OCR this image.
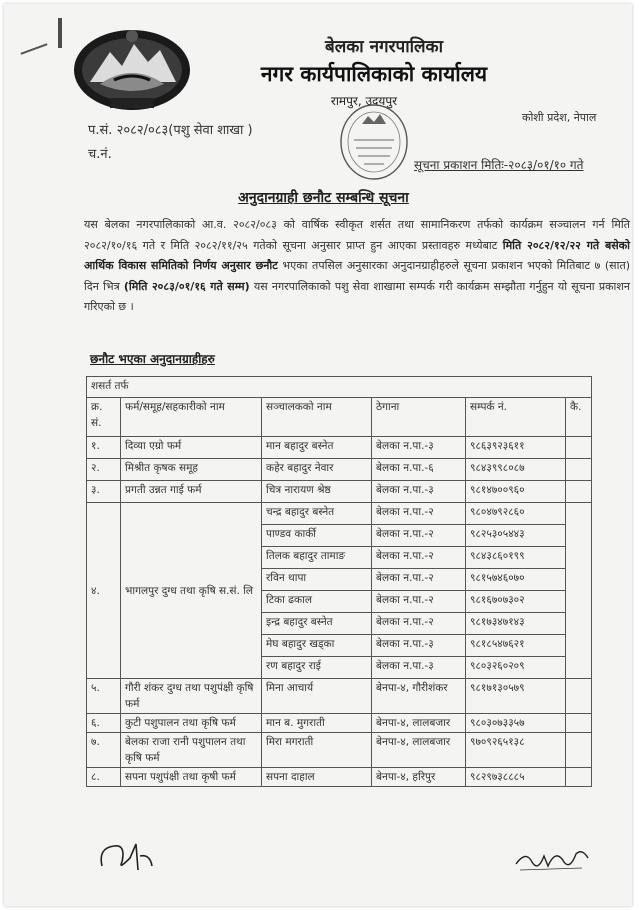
बेलका नगरपालिका
नगर कार्यपालिकाको कार्यालय
रामपुर, उदयपुर
कोशी प्रदेश, नेपाल
प.सं. २०८२/०८३(पशु सेवा शाखा )
च.नं.
सूचना प्रकाशन मितिः-२०८३/०१/१० गते
अनुदानग्राही छनौट सम्बन्धि सूचना
यस बेलका नगरपालिकाको आ.व. २०८२/०८३ को वार्षिक स्वीकृत शर्सत तथा सामानिकरण तर्फको कार्यक्रम सञ्चालन गर्न मिति २०८२/१०/१६ गते र मिति २०८२/११/२५ गतेको सूचना अनुसार प्राप्त हुन आएका प्रस्तावहरु मध्येबाट मिति २०८२/१२/२२ गते बसेको आर्थिक विकास समितिको निर्णय अनुसार छनौट भएका तपसिल अनुसारका अनुदानग्राहीहरुले सूचना प्रकाशन भएको मितिबाट ७ (सात) दिन भित्र (मिति २०८३/०१/१६ गते सम्म) यस नगरपालिकाको पशु सेवा शाखामा सम्पर्क गरी कार्यक्रम सम्झौता गर्नुहुन यो सूचना प्रकाशन गरिएको छ ।
छनौट भएका अनुदानग्राहीहरु
शसर्त तर्फ					
क्र. सं.	फर्म/समूह/सहकारीको नाम	सञ्चालकको नाम	ठेगाना	सम्पर्क नं.	कै.
१.	दिव्या एग्रो फर्म	मान बहादुर बस्नेत	बेलका न.पा.-३	९८६३९२३६११	
२.	मिश्रीत कृषक समूह	कहेर बहादुर नेवार	बेलका न.पा.-६	९८४३९९८०८७	
३.	प्रगती उन्नत गाई फर्म	चित्र नारायण श्रेष्ठ	बेलका न.पा.-३	९८१४७००९६०	
४.	भागलपुर दुग्ध तथा कृषि स.सं. लि	चन्द्र बहादुर बस्नेत	बेलका न.पा.-२	९८०४७९२८६०	
		पाण्डव कार्की	बेलका न.पा.-२	९८२५३०५४४३	
		तिलक बहादुर तामाङ	बेलका न.पा.-२	९८४३८६०१९९	
		रविन थापा	बेलका न.पा.-२	९८१५७४६०७०	
		टिका ढकाल	बेलका न.पा.-२	९८१६७०७३०२	
		इन्द्र बहादुर बस्नेत	बेलका न.पा.-२	९८१७३४७१४३	
		मेघ बहादुर खड्का	बेलका न.पा.-३	९८१८५४७६२१	
		रण बहादुर राई	बेलका न.पा.-३	९८०३२६०२०९	
५.	गौरी शंकर दुग्ध तथा पशुपंक्षी कृषि फर्म	मिना आचार्य	बेनपा-४, गौरीशंकर	९८१७१३०५७९	
६.	कुटी पशुपालन तथा कृषि फर्म	मान ब. मुगराती	बेनपा-४, लालबजार	९८०३०७३३५७	
७.	बेलका राजा रानी पशुपालन तथा कृषि फर्म	मिरा मगराती	बेनपा-४, लालबजार	९७०९२६५१३८	
८.	सपना पशुपंक्षी तथा कृषी फर्म	सपना दाहाल	बेनपा-४, हरिपुर	९८२९७३८८८५	
